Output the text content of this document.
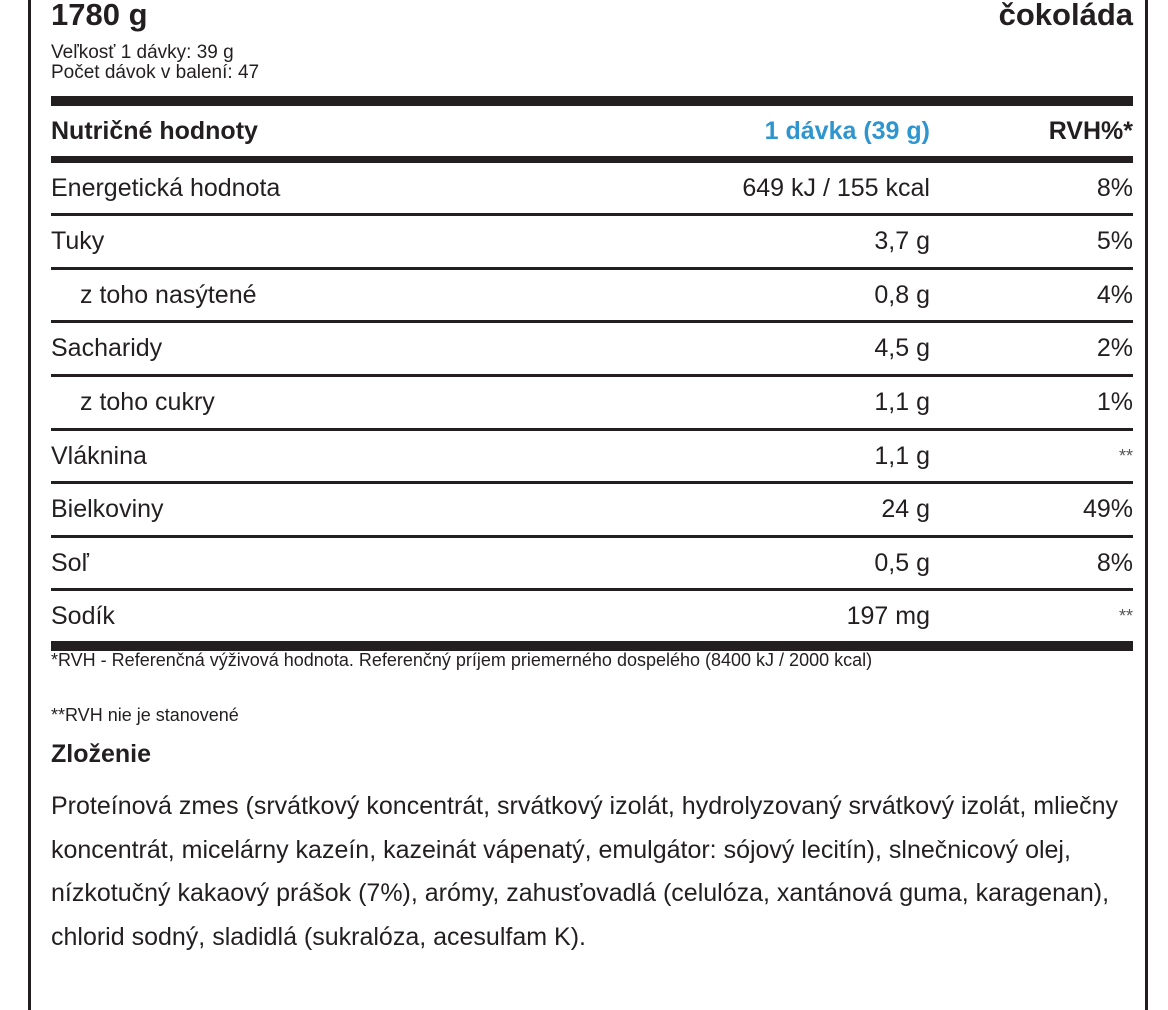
1780 g	čokoláda
Veľkosť 1 dávky: 39 g
Počet dávok v balení: 47
Nutričné hodnoty	1 dávka (39 g)	RVH%*
Energetická hodnota	649 kJ / 155 kcal	8%
Tuky	3,7 g	5%
z toho nasýtené	0,8 g	4%
Sacharidy	4,5 g	2%
z toho cukry	1,1 g	1%
Vláknina	1,1 g	**
Bielkoviny	24 g	49%
Soľ	0,5 g	8%
Sodík	197 mg	**
*RVH - Referenčná výživová hodnota. Referenčný príjem priemerného dospelého (8400 kJ / 2000 kcal)
**RVH nie je stanovené
Zloženie
Proteínová zmes (srvátkový koncentrát, srvátkový izolát, hydrolyzovaný srvátkový izolát, mliečny koncentrát, micelárny kazeín, kazeinát vápenatý, emulgátor: sójový lecitín), slnečnicový olej, nízkotučný kakaový prášok (7%), arómy, zahusťovadlá (celulóza, xantánová guma, karagenan), chlorid sodný, sladidlá (sukralóza, acesulfam K).
